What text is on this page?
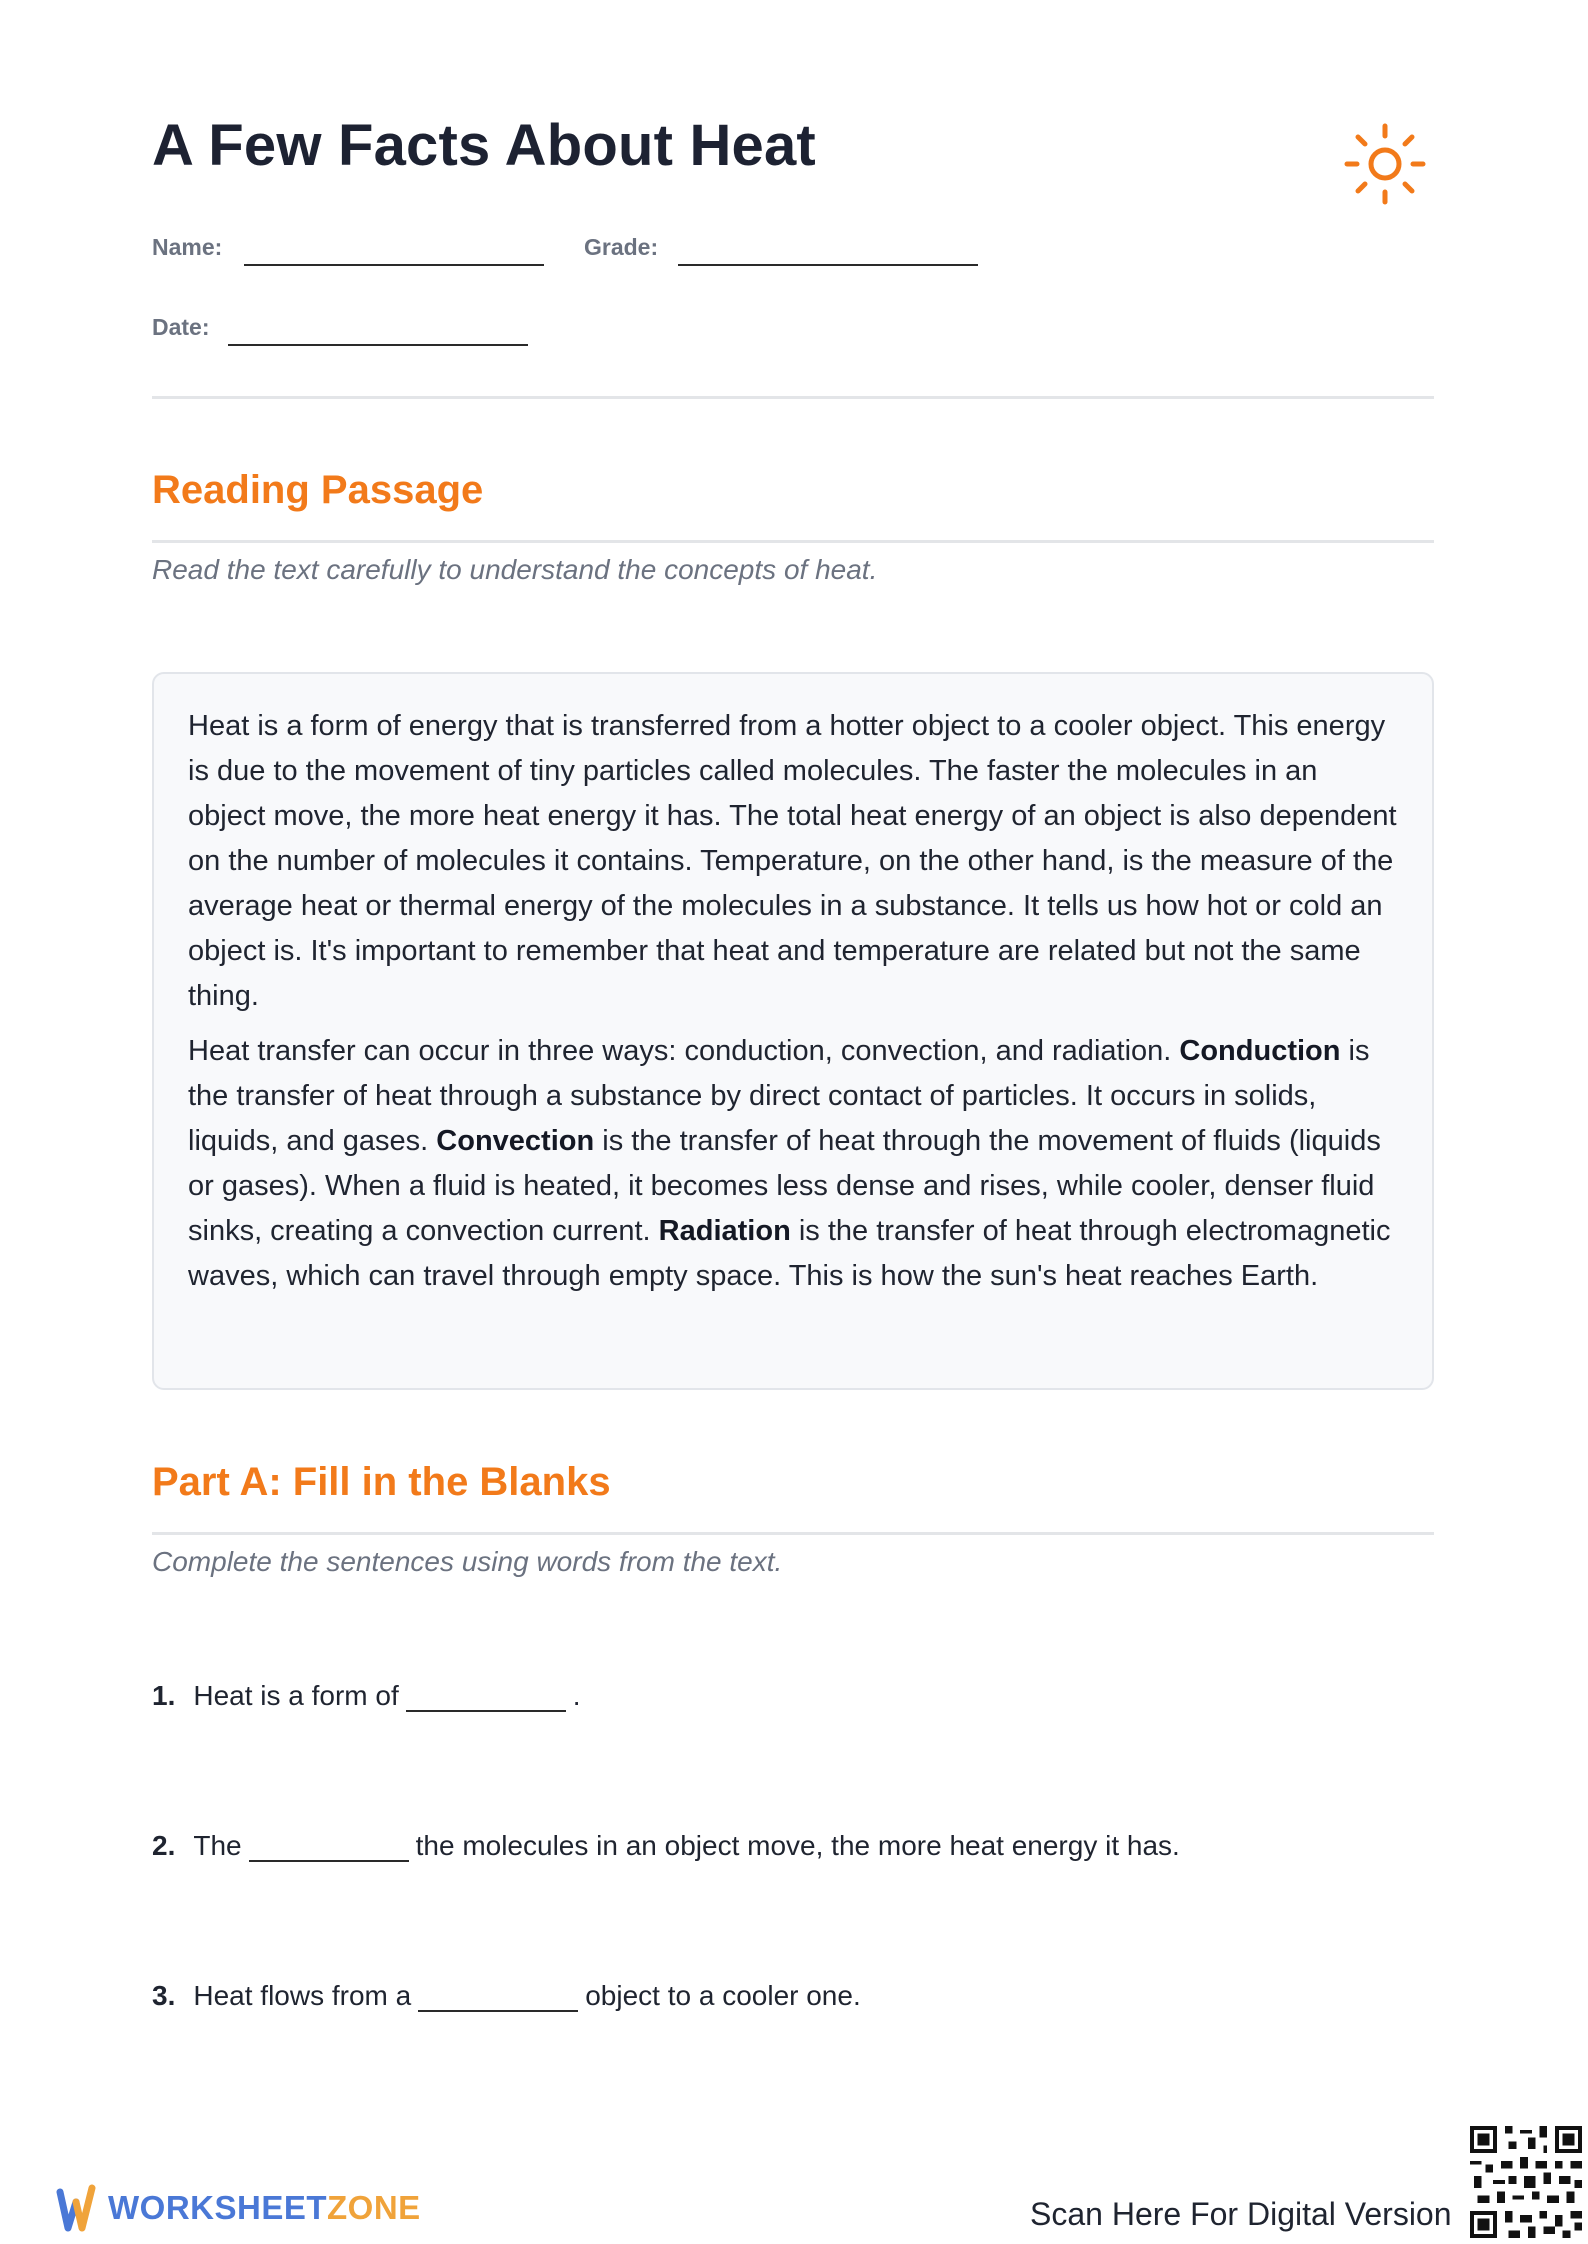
A Few Facts About Heat
Name:	Grade:
Date:
Reading Passage
Read the text carefully to understand the concepts of heat.

Heat is a form of energy that is transferred from a hotter object to a cooler object. This energy is due to the movement of tiny particles called molecules. The faster the molecules in an object move, the more heat energy it has. The total heat energy of an object is also dependent on the number of molecules it contains. Temperature, on the other hand, is the measure of the average heat or thermal energy of the molecules in a substance. It tells us how hot or cold an object is. It's important to remember that heat and temperature are related but not the same thing.

Heat transfer can occur in three ways: conduction, convection, and radiation. Conduction is the transfer of heat through a substance by direct contact of particles. It occurs in solids, liquids, and gases. Convection is the transfer of heat through the movement of fluids (liquids or gases). When a fluid is heated, it becomes less dense and rises, while cooler, denser fluid sinks, creating a convection current. Radiation is the transfer of heat through electromagnetic waves, which can travel through empty space. This is how the sun's heat reaches Earth.

Part A: Fill in the Blanks
Complete the sentences using words from the text.
1. Heat is a form of	.
2. The	the molecules in an object move, the more heat energy it has.
3. Heat flows from a	object to a cooler one.
WORKSHEETZONE	Scan Here For Digital Version
